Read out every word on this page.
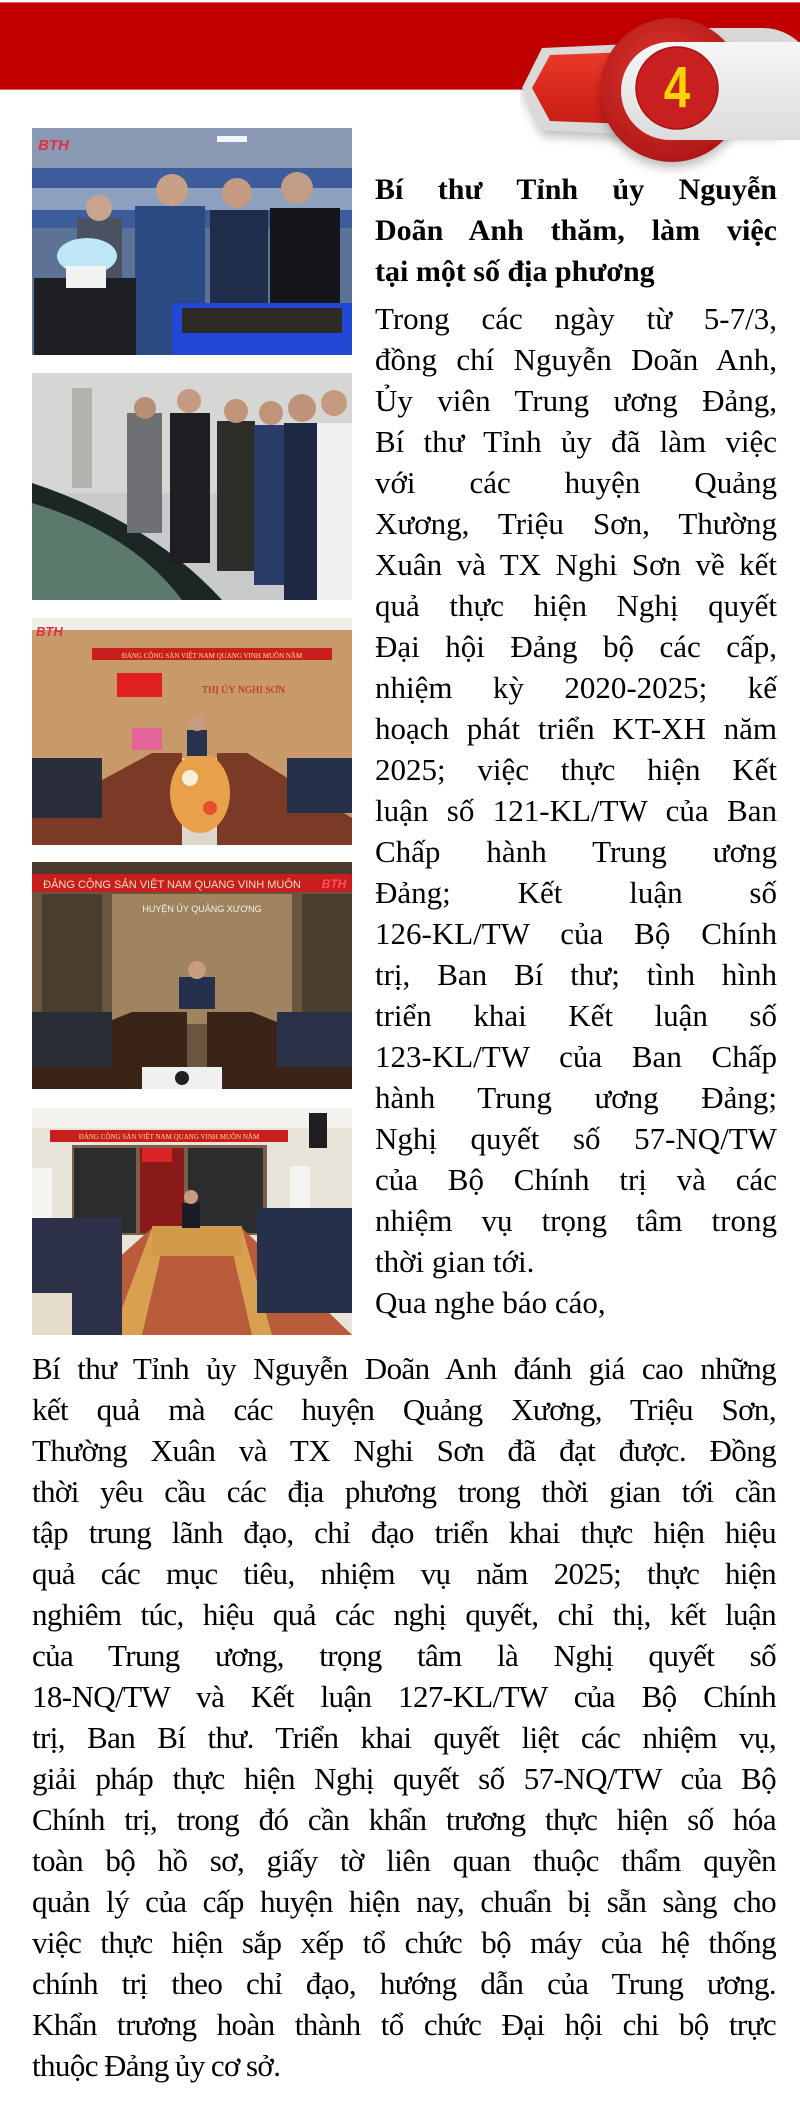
4
BTH
ĐẢNG CỘNG SẢN VIỆT NAM QUANG VINH MUÔN NĂM
THỊ ỦY NGHI SƠN
BTH
ĐẢNG CỘNG SẢN VIỆT NAM QUANG VINH MUÔN BTH
HUYỆN ỦY QUẢNG XƯƠNG
ĐẢNG CỘNG SẢN VIỆT NAM QUANG VINH MUÔN NĂM
Bí thư Tỉnh ủy Nguyễn
Doãn Anh thăm, làm việc
tại một số địa phương
Trong các ngày từ 5-7/3,
đồng chí Nguyễn Doãn Anh,
Ủy viên Trung ương Đảng,
Bí thư Tỉnh ủy đã làm việc
với các huyện Quảng
Xương, Triệu Sơn, Thường
Xuân và TX Nghi Sơn về kết
quả thực hiện Nghị quyết
Đại hội Đảng bộ các cấp,
nhiệm kỳ 2020-2025; kế
hoạch phát triển KT-XH năm
2025; việc thực hiện Kết
luận số 121-KL/TW của Ban
Chấp hành Trung ương
Đảng; Kết luận số
126-KL/TW của Bộ Chính
trị, Ban Bí thư; tình hình
triển khai Kết luận số
123-KL/TW của Ban Chấp
hành Trung ương Đảng;
Nghị quyết số 57-NQ/TW
của Bộ Chính trị và các
nhiệm vụ trọng tâm trong
thời gian tới.
Qua nghe báo cáo,
Bí thư Tỉnh ủy Nguyễn Doãn Anh đánh giá cao những
kết quả mà các huyện Quảng Xương, Triệu Sơn,
Thường Xuân và TX Nghi Sơn đã đạt được. Đồng
thời yêu cầu các địa phương trong thời gian tới cần
tập trung lãnh đạo, chỉ đạo triển khai thực hiện hiệu
quả các mục tiêu, nhiệm vụ năm 2025; thực hiện
nghiêm túc, hiệu quả các nghị quyết, chỉ thị, kết luận
của Trung ương, trọng tâm là Nghị quyết số
18-NQ/TW và Kết luận 127-KL/TW của Bộ Chính
trị, Ban Bí thư. Triển khai quyết liệt các nhiệm vụ,
giải pháp thực hiện Nghị quyết số 57-NQ/TW của Bộ
Chính trị, trong đó cần khẩn trương thực hiện số hóa
toàn bộ hồ sơ, giấy tờ liên quan thuộc thẩm quyền
quản lý của cấp huyện hiện nay, chuẩn bị sẵn sàng cho
việc thực hiện sắp xếp tổ chức bộ máy của hệ thống
chính trị theo chỉ đạo, hướng dẫn của Trung ương.
Khẩn trương hoàn thành tổ chức Đại hội chi bộ trực
thuộc Đảng ủy cơ sở.
